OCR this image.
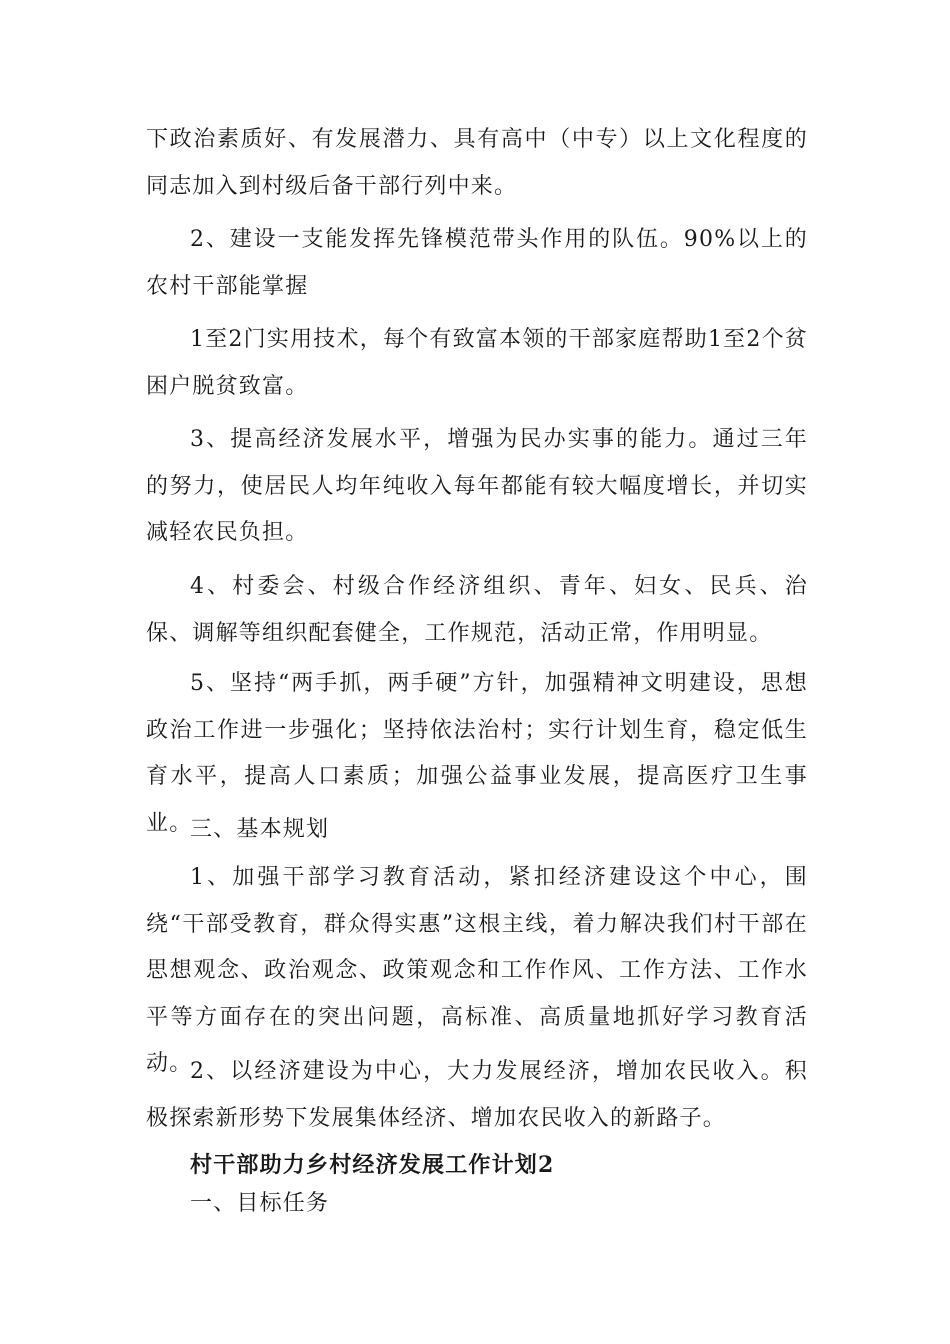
下政治素质好、有发展潜力、具有高中（中专）以上文化程度的同志加入到村级后备干部行列中来。

2、建设一支能发挥先锋模范带头作用的队伍。90%以上的农村干部能掌握

1至2门实用技术，每个有致富本领的干部家庭帮助1至2个贫困户脱贫致富。

3、提高经济发展水平，增强为民办实事的能力。通过三年的努力，使居民人均年纯收入每年都能有较大幅度增长，并切实减轻农民负担。

4、村委会、村级合作经济组织、青年、妇女、民兵、治保、调解等组织配套健全，工作规范，活动正常，作用明显。

5、坚持“两手抓，两手硬”方针，加强精神文明建设，思想政治工作进一步强化；坚持依法治村；实行计划生育，稳定低生育水平，提高人口素质；加强公益事业发展，提高医疗卫生事业。

三、基本规划

1、加强干部学习教育活动，紧扣经济建设这个中心，围绕“干部受教育，群众得实惠”这根主线，着力解决我们村干部在思想观念、政治观念、政策观念和工作作风、工作方法、工作水平等方面存在的突出问题，高标准、高质量地抓好学习教育活动。

2、以经济建设为中心，大力发展经济，增加农民收入。积极探索新形势下发展集体经济、增加农民收入的新路子。

村干部助力乡村经济发展工作计划2

一、目标任务
